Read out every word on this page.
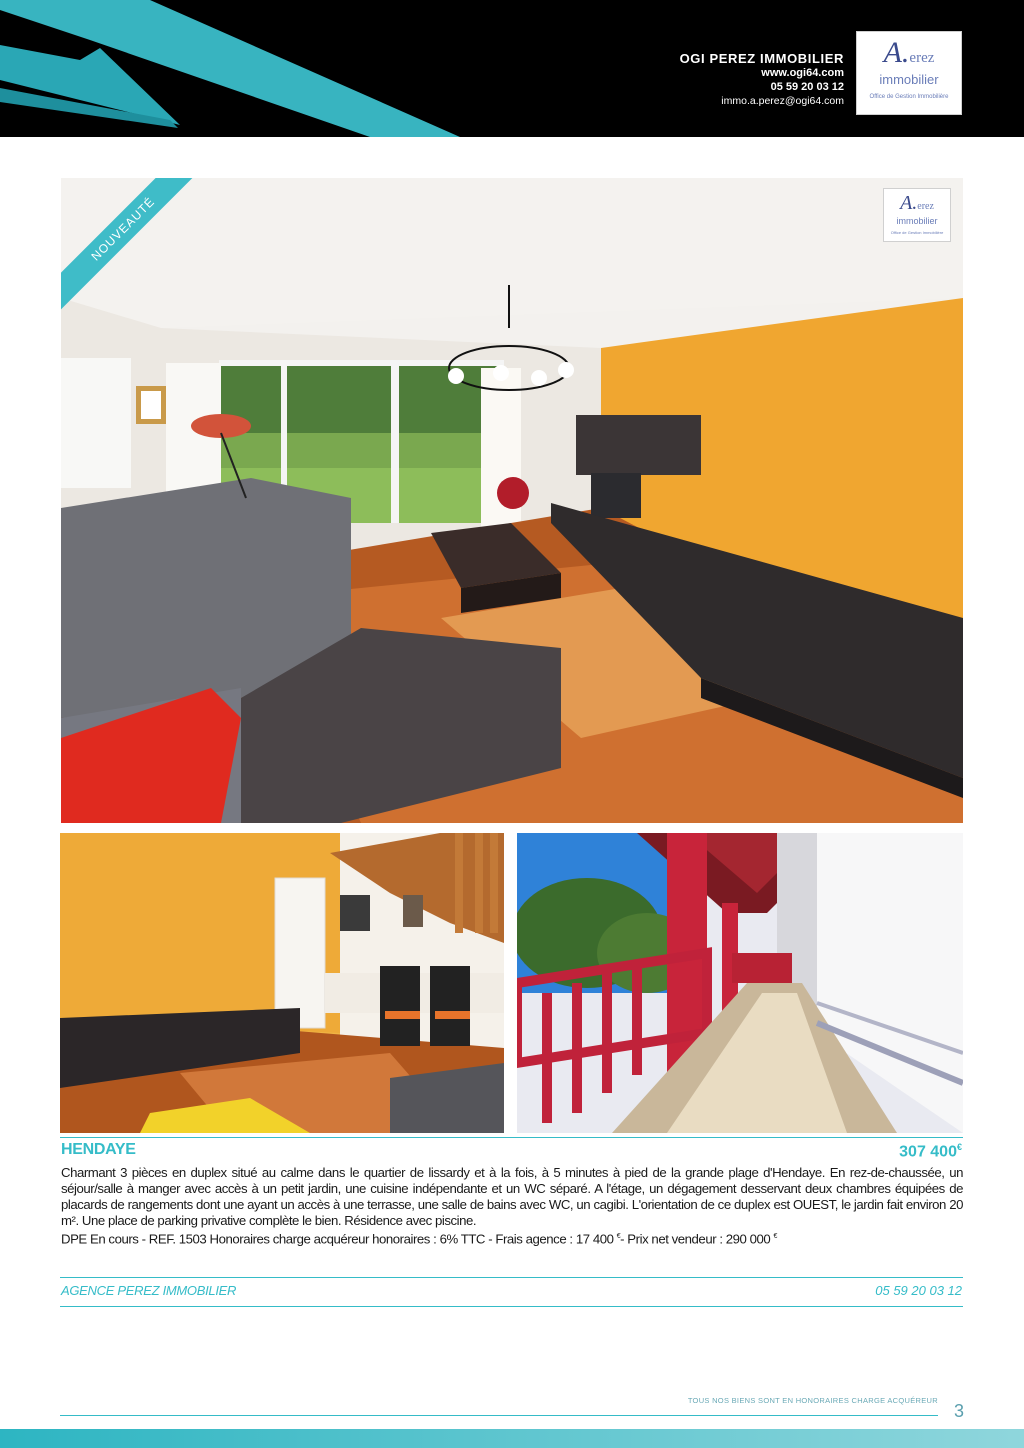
OGI PEREZ IMMOBILIER
www.ogi64.com
05 59 20 03 12
immo.a.perez@ogi64.com
A.erez
immobilier
Office de Gestion Immobilière
NOUVEAUTÉ	A.erez
immobilier
Office de Gestion Immobilière
HENDAYE	307 400€
Charmant 3 pièces en duplex situé au calme dans le quartier de lissardy et à la fois, à 5 minutes à pied de la grande plage d'Hendaye. En rez-de-chaussée, un séjour/salle à manger avec accès à un petit jardin, une cuisine indépendante et un WC séparé. A l'étage, un dégagement desservant deux chambres équipées de placards de rangements dont une ayant un accès à une terrasse, une salle de bains avec WC, un cagibi. L'orientation de ce duplex est OUEST, le jardin fait environ 20 m². Une place de parking privative complète le bien. Résidence avec piscine.
DPE En cours - REF. 1503 Honoraires charge acquéreur honoraires : 6% TTC - Frais agence : 17 400 €- Prix net vendeur : 290 000 €
AGENCE PEREZ IMMOBILIER	05 59 20 03 12
TOUS NOS BIENS SONT EN HONORAIRES CHARGE ACQUÉREUR
3
